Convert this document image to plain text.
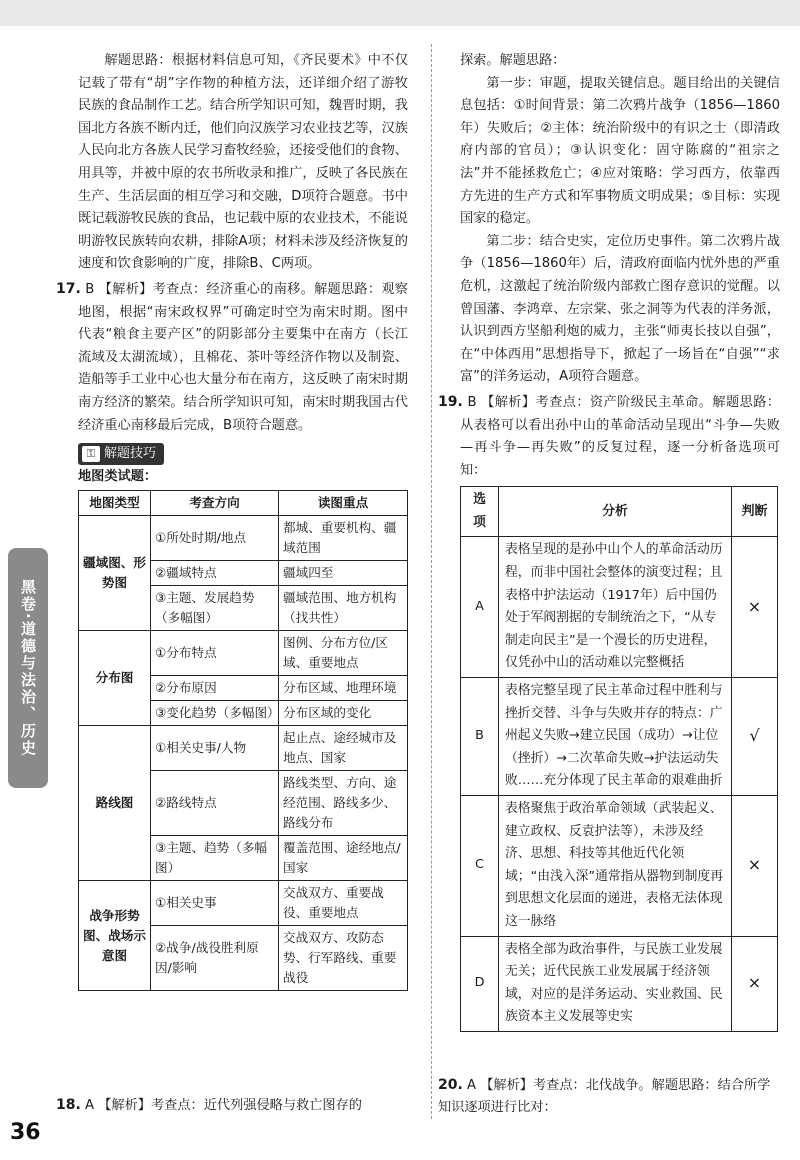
黑卷·道德与法治、历史

解题思路：根据材料信息可知，《齐民要术》中不仅记载了带有“胡”字作物的种植方法，还详细介绍了游牧民族的食品制作工艺。结合所学知识可知，魏晋时期，我国北方各族不断内迁，他们向汉族学习农业技艺等，汉族人民向北方各族人民学习畜牧经验，还接受他们的食物、用具等，并被中原的农书所收录和推广，反映了各民族在生产、生活层面的相互学习和交融，D项符合题意。书中既记载游牧民族的食品，也记载中原的农业技术，不能说明游牧民族转向农耕，排除A项；材料未涉及经济恢复的速度和饮食影响的广度，排除B、C两项。

17. B 【解析】考查点：经济重心的南移。解题思路：观察地图，根据“南宋政权界”可确定时空为南宋时期。图中代表“粮食主要产区”的阴影部分主要集中在南方（长江流域及太湖流域），且棉花、茶叶等经济作物以及制瓷、造船等手工业中心也大量分布在南方，这反映了南宋时期南方经济的繁荣。结合所学知识可知，南宋时期我国古代经济重心南移最后完成，B项符合题意。

⚿ 解题技巧

地图类试题：

地图类型	考查方向	读图重点
疆域图、形势图	①所处时期/地点	都城、重要机构、疆域范围
	②疆域特点	疆域四至
	③主题、发展趋势（多幅图）	疆域范围、地方机构（找共性）
分布图	①分布特点	图例、分布方位/区域、重要地点
	②分布原因	分布区域、地理环境
	③变化趋势（多幅图）	分布区域的变化
路线图	①相关史事/人物	起止点、途经城市及地点、国家
	②路线特点	路线类型、方向、途经范围、路线多少、路线分布
	③主题、趋势（多幅图）	覆盖范围、途经地点/国家
战争形势图、战场示意图	①相关史事	交战双方、重要战役、重要地点
	②战争/战役胜利原因/影响	交战双方、攻防态势、行军路线、重要战役
18. A 【解析】考查点：近代列强侵略与救亡图存的

探索。解题思路：

第一步：审题，提取关键信息。题目给出的关键信息包括：①时间背景：第二次鸦片战争（1856—1860年）失败后；②主体：统治阶级中的有识之士（即清政府内部的官员）；③认识变化：固守陈腐的“祖宗之法”并不能拯救危亡；④应对策略：学习西方，依靠西方先进的生产方式和军事物质文明成果；⑤目标：实现国家的稳定。

第二步：结合史实，定位历史事件。第二次鸦片战争（1856—1860年）后，清政府面临内忧外患的严重危机，这激起了统治阶级内部救亡图存意识的觉醒。以曾国藩、李鸿章、左宗棠、张之洞等为代表的洋务派，认识到西方坚船利炮的威力，主张“师夷长技以自强”，在“中体西用”思想指导下，掀起了一场旨在“自强”“求富”的洋务运动，A项符合题意。

19. B 【解析】考查点：资产阶级民主革命。解题思路：从表格可以看出孙中山的革命活动呈现出“斗争—失败—再斗争—再失败”的反复过程，逐一分析备选项可知：

选项	分析	判断
A	表格呈现的是孙中山个人的革命活动历程，而非中国社会整体的演变过程；且表格中护法运动（1917年）后中国仍处于军阀割据的专制统治之下，“从专制走向民主”是一个漫长的历史进程，仅凭孙中山的活动难以完整概括	×
B	表格完整呈现了民主革命过程中胜利与挫折交替、斗争与失败并存的特点：广州起义失败→建立民国（成功）→让位（挫折）→二次革命失败→护法运动失败……充分体现了民主革命的艰难曲折	√
C	表格聚焦于政治革命领域（武装起义、建立政权、反袁护法等），未涉及经济、思想、科技等其他近代化领域；“由浅入深”通常指从器物到制度再到思想文化层面的递进，表格无法体现这一脉络	×
D	表格全部为政治事件，与民族工业发展无关；近代民族工业发展属于经济领域，对应的是洋务运动、实业救国、民族资本主义发展等史实	×
20. A 【解析】考查点：北伐战争。解题思路：结合所学知识逐项进行比对：
36
